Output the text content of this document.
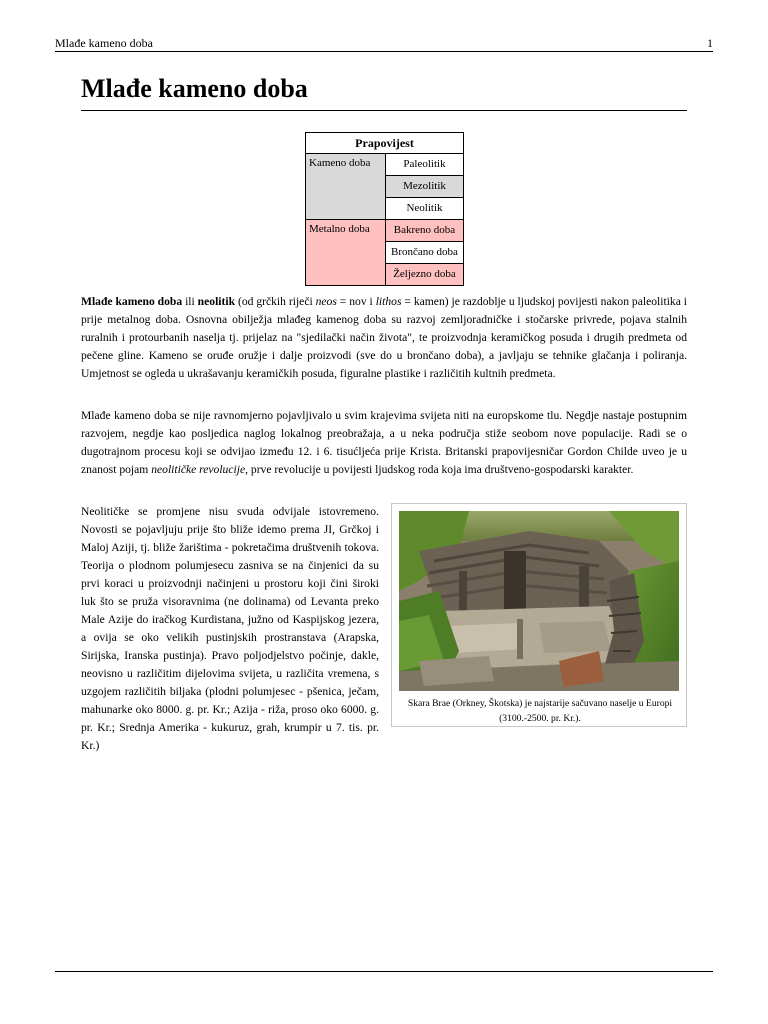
Mlađe kameno doba	1
Mlađe kameno doba
Prapovijest	
Kameno doba	Paleolitik
	Mezolitik
	Neolitik
Metalno doba	Bakreno doba
	Brončano doba
	Željezno doba

Mlađe kameno doba ili neolitik (od grčkih riječi neos = nov i lithos = kamen) je razdoblje u ljudskoj povijesti nakon paleolitika i prije metalnog doba. Osnovna obilježja mlađeg kamenog doba su razvoj zemljoradničke i stočarske privrede, pojava stalnih ruralnih i protourbanih naselja tj. prijelaz na "sjedilački način života", te proizvodnja keramičkog posuda i drugih predmeta od pečene gline. Kameno se oruđe oružje i dalje proizvodi (sve do u brončano doba), a javljaju se tehnike glačanja i poliranja. Umjetnost se ogleda u ukrašavanju keramičkih posuda, figuralne plastike i različitih kultnih predmeta.

Mlađe kameno doba se nije ravnomjerno pojavljivalo u svim krajevima svijeta niti na europskome tlu. Negdje nastaje postupnim razvojem, negdje kao posljedica naglog lokalnog preobražaja, a u neka područja stiže seobom nove populacije. Radi se o dugotrajnom procesu koji se odvijao između 12. i 6. tisućljeća prije Krista. Britanski prapovijesničar Gordon Childe uveo je u znanost pojam neolitičke revolucije, prve revolucije u povijesti ljudskog roda koja ima društveno-gospodarski karakter.

Skara Brae (Orkney, Škotska) je najstarije sačuvano naselje u Europi (3100.-2500. pr. Kr.).
Neolitičke se promjene nisu svuda odvijale istovremeno. Novosti se pojavljuju prije što bliže idemo prema JI, Grčkoj i Maloj Aziji, tj. bliže žarištima - pokretačima društvenih tokova. Teorija o plodnom polumjesecu zasniva se na činjenici da su prvi koraci u proizvodnji načinjeni u prostoru koji čini široki luk što se pruža visoravnima (ne dolinama) od Levanta preko Male Azije do iračkog Kurdistana, južno od Kaspijskog jezera, a ovija se oko velikih pustinjskih prostranstava (Arapska, Sirijska, Iranska pustinja). Pravo poljodjelstvo počinje, dakle, neovisno u različitim dijelovima svijeta, u različita vremena, s uzgojem različitih biljaka (plodni polumjesec - pšenica, ječam, mahunarke oko 8000. g. pr. Kr.; Azija - riža, proso oko 6000. g. pr. Kr.; Srednja Amerika - kukuruz, grah, krumpir u 7. tis. pr. Kr.)
